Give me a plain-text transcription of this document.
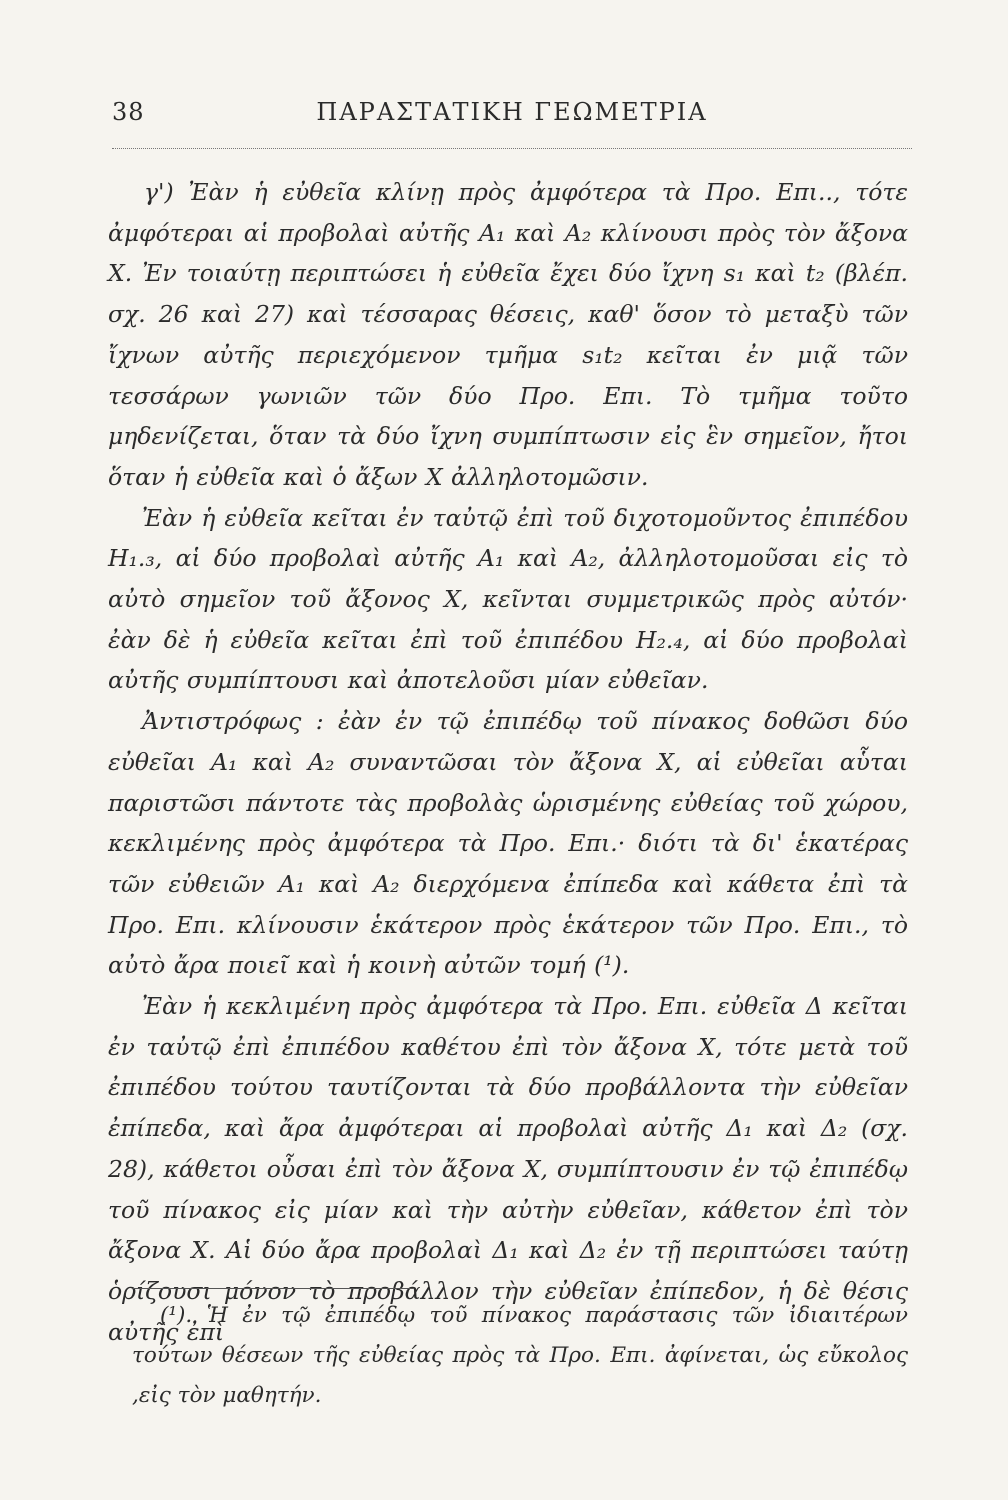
38	ΠΑΡΑΣΤΑΤΙΚΗ ΓΕΩΜΕΤΡΙΑ

γ') Ἐὰν ἡ εὐθεῖα κλίνῃ πρὸς ἀμφότερα τὰ Προ. Επι.., τότε ἀμφότεραι αἱ προβολαὶ αὐτῆς A₁ καὶ A₂ κλίνουσι πρὸς τὸν ἄξονα X. Ἐν τοιαύτῃ περιπτώσει ἡ εὐθεῖα ἔχει δύο ἴχνη s₁ καὶ t₂ (βλέπ. σχ. 26 καὶ 27) καὶ τέσσαρας θέσεις, καθ' ὅσον τὸ μεταξὺ τῶν ἴχνων αὐτῆς περιεχόμενον τμῆμα s₁t₂ κεῖται ἐν μιᾷ τῶν τεσσάρων γωνιῶν τῶν δύο Προ. Επι. Τὸ τμῆμα τοῦτο μηδενίζεται, ὅταν τὰ δύο ἴχνη συμπίπτωσιν εἰς ἓν σημεῖον, ἤτοι ὅταν ἡ εὐθεῖα καὶ ὁ ἄξων X ἀλληλοτομῶσιν.

Ἐὰν ἡ εὐθεῖα κεῖται ἐν ταὐτῷ ἐπὶ τοῦ διχοτομοῦντος ἐπιπέδου H₁.₃, αἱ δύο προβολαὶ αὐτῆς A₁ καὶ A₂, ἀλληλοτομοῦσαι εἰς τὸ αὐτὸ σημεῖον τοῦ ἄξονος X, κεῖνται συμμετρικῶς πρὸς αὐτόν· ἐὰν δὲ ἡ εὐθεῖα κεῖται ἐπὶ τοῦ ἐπιπέδου H₂.₄, αἱ δύο προβολαὶ αὐτῆς συμπίπτουσι καὶ ἀποτελοῦσι μίαν εὐθεῖαν.

Ἀντιστρόφως : ἐὰν ἐν τῷ ἐπιπέδῳ τοῦ πίνακος δοθῶσι δύο εὐθεῖαι A₁ καὶ A₂ συναντῶσαι τὸν ἄξονα X, αἱ εὐθεῖαι αὗται παριστῶσι πάντοτε τὰς προβολὰς ὡρισμένης εὐθείας τοῦ χώρου, κεκλιμένης πρὸς ἀμφότερα τὰ Προ. Επι.· διότι τὰ δι' ἑκατέρας τῶν εὐθειῶν A₁ καὶ A₂ διερχόμενα ἐπίπεδα καὶ κάθετα ἐπὶ τὰ Προ. Επι. κλίνουσιν ἑκάτερον πρὸς ἑκάτερον τῶν Προ. Επι., τὸ αὐτὸ ἄρα ποιεῖ καὶ ἡ κοινὴ αὐτῶν τομή (¹).

Ἐὰν ἡ κεκλιμένη πρὸς ἀμφότερα τὰ Προ. Επι. εὐθεῖα Δ κεῖται ἐν ταὐτῷ ἐπὶ ἐπιπέδου καθέτου ἐπὶ τὸν ἄξονα X, τότε μετὰ τοῦ ἐπιπέδου τούτου ταυτίζονται τὰ δύο προβάλλοντα τὴν εὐθεῖαν ἐπίπεδα, καὶ ἄρα ἀμφότεραι αἱ προβολαὶ αὐτῆς Δ₁ καὶ Δ₂ (σχ. 28), κάθετοι οὖσαι ἐπὶ τὸν ἄξονα X, συμπίπτουσιν ἐν τῷ ἐπιπέδῳ τοῦ πίνακος εἰς μίαν καὶ τὴν αὐτὴν εὐθεῖαν, κάθετον ἐπὶ τὸν ἄξονα X. Αἱ δύο ἄρα προβολαὶ Δ₁ καὶ Δ₂ ἐν τῇ περιπτώσει ταύτῃ ὁρίζουσι μόνον τὸ προβάλλον τὴν εὐθεῖαν ἐπίπεδον, ἡ δὲ θέσις αὐτῆς ἐπὶ

(¹). Ἡ ἐν τῷ ἐπιπέδῳ τοῦ πίνακος παράστασις τῶν ἰδιαιτέρων τούτων θέσεων τῆς εὐθείας πρὸς τὰ Προ. Επι. ἀφίνεται, ὡς εὔκολος ,εἰς τὸν μαθητήν.
